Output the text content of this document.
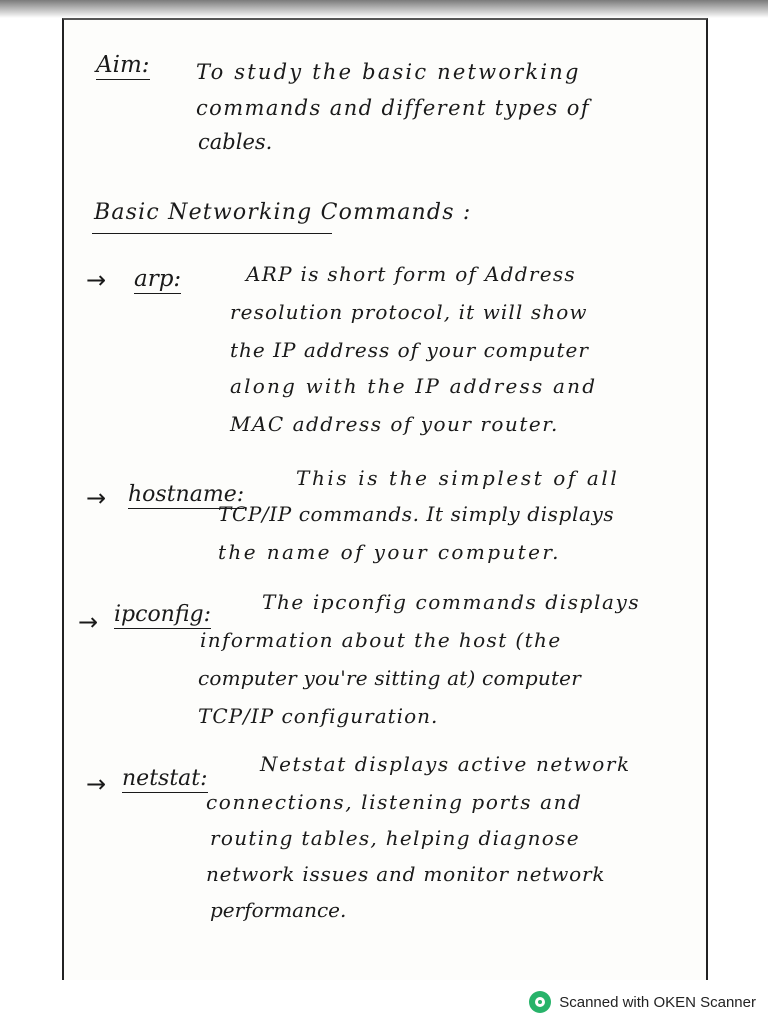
Aim: To study the basic networking
commands and different types of
cables.
Basic Networking Commands :
→ arp:	ARP is short form of Address
resolution protocol, it will show
the IP address of your computer
along with the IP address and
MAC address of your router.
→ hostname:
This is the simplest of all
TCP/IP commands. It simply displays
the name of your computer.
→ ipconfig:	The ipconfig commands displays
information about the host (the
computer you're sitting at) computer
TCP/IP configuration.
→ netstat:
Netstat displays active network
connections, listening ports and
routing tables, helping diagnose
network issues and monitor network
performance.
Scanned with OKEN Scanner
